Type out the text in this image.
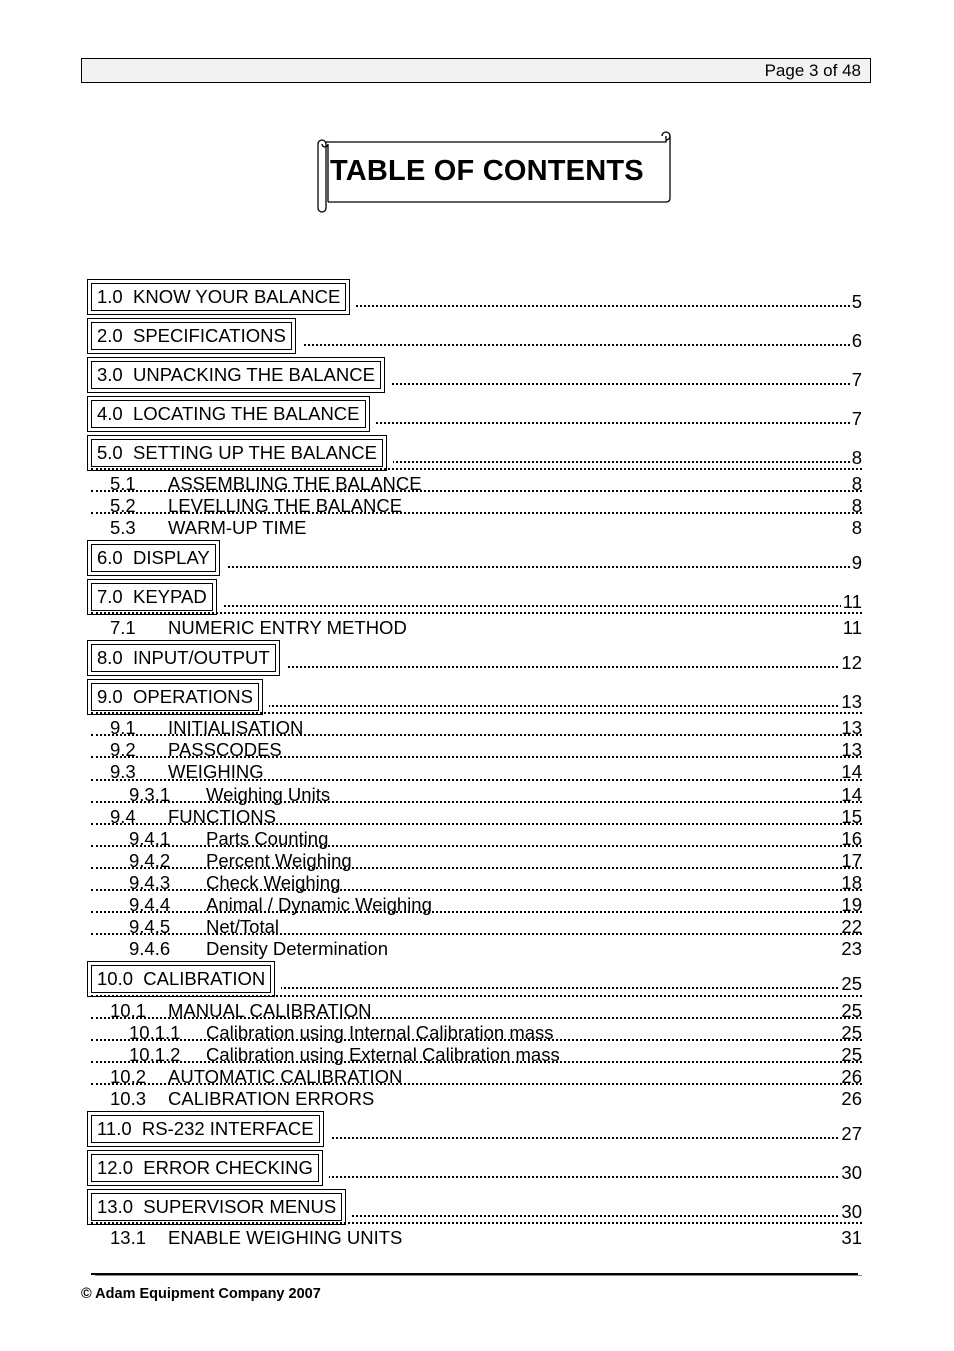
Page 3 of 48
TABLE OF CONTENTS
1.0 KNOW YOUR BALANCE	5
2.0 SPECIFICATIONS	6
3.0 UNPACKING THE BALANCE	7
4.0 LOCATING THE BALANCE	7
5.0 SETTING UP THE BALANCE	8
5.1 ASSEMBLING THE BALANCE	8
5.2 LEVELLING THE BALANCE	8
5.3 WARM-UP TIME	8
6.0 DISPLAY	9
7.0 KEYPAD	11
7.1 NUMERIC ENTRY METHOD	11
8.0 INPUT/OUTPUT	12
9.0 OPERATIONS	13
9.1 INITIALISATION	13
9.2 PASSCODES	13
9.3 WEIGHING	14
9.3.1 Weighing Units	14
9.4 FUNCTIONS	15
9.4.1 Parts Counting	16
9.4.2 Percent Weighing	17
9.4.3 Check Weighing	18
9.4.4 Animal / Dynamic Weighing	19
9.4.5 Net/Total	22
9.4.6 Density Determination	23
10.0 CALIBRATION	25
10.1 MANUAL CALIBRATION	25
10.1.1 Calibration using Internal Calibration mass	25
10.1.2 Calibration using External Calibration mass	25
10.2 AUTOMATIC CALIBRATION	26
10.3 CALIBRATION ERRORS	26
11.0 RS-232 INTERFACE	27
12.0 ERROR CHECKING	30
13.0 SUPERVISOR MENUS	30
13.1 ENABLE WEIGHING UNITS	31
© Adam Equipment Company 2007
